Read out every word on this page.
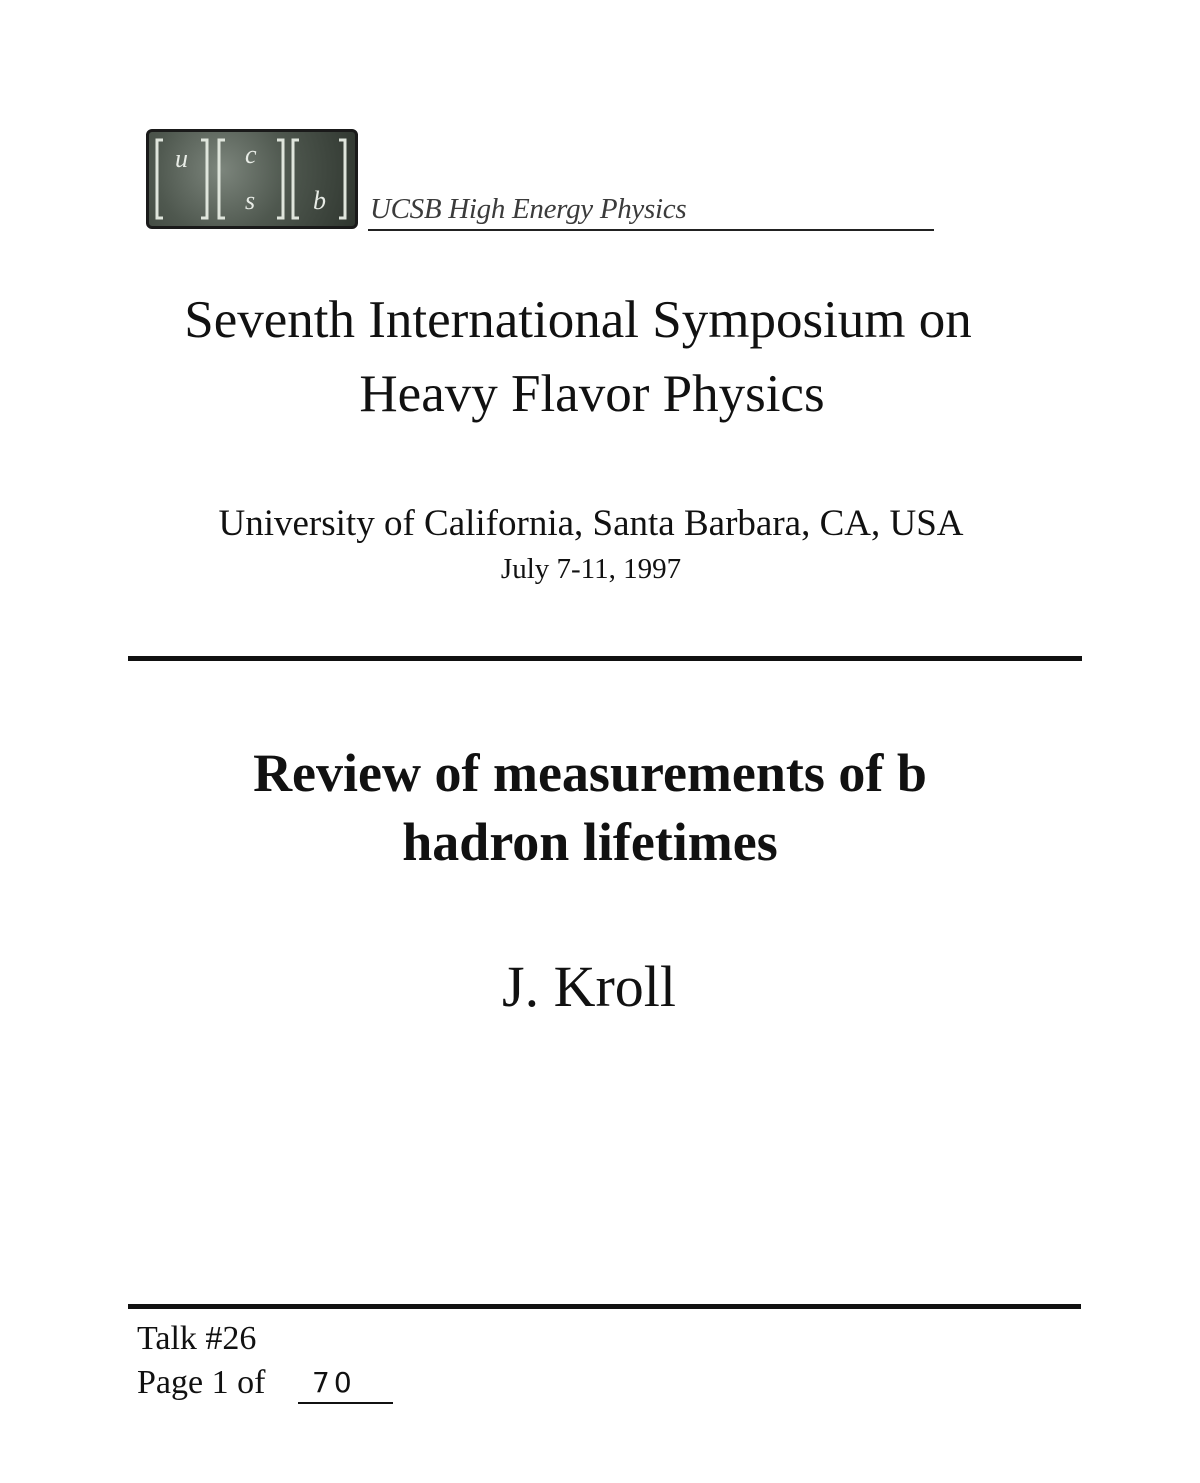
u c
s b UCSB High Energy Physics
Seventh International Symposium on
Heavy Flavor Physics
University of California, Santa Barbara, CA, USA
July 7-11, 1997
Review of measurements of b
hadron lifetimes
J. Kroll
Talk #26
Page 1 of 70
